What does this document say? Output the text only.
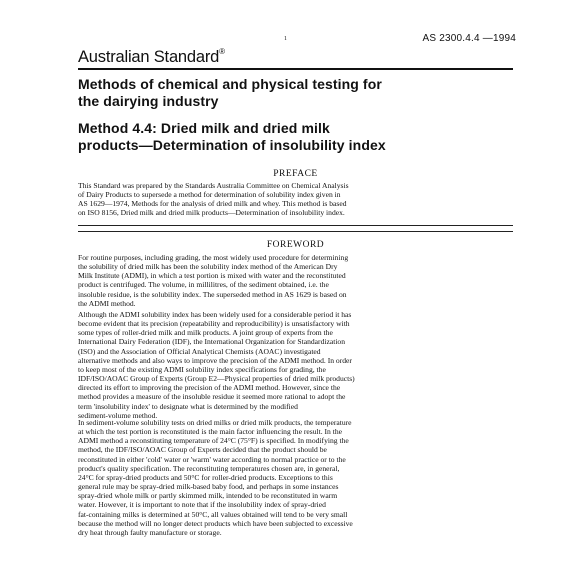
1	AS 2300.4.4 —1994
Australian Standard®
Methods of chemical and physical testing for
the dairying industry
Method 4.4: Dried milk and dried milk
products—Determination of insolubility index
PREFACE
This Standard was prepared by the Standards Australia Committee on Chemical Analysis
of Dairy Products to supersede a method for determination of solubility index given in
AS 1629—1974, Methods for the analysis of dried milk and whey. This method is based
on ISO 8156, Dried milk and dried milk products—Determination of insolubility index.
FOREWORD
For routine purposes, including grading, the most widely used procedure for determining
the solubility of dried milk has been the solubility index method of the American Dry
Milk Institute (ADMI), in which a test portion is mixed with water and the reconstituted
product is centrifuged. The volume, in millilitres, of the sediment obtained, i.e. the
insoluble residue, is the solubility index. The superseded method in AS 1629 is based on
the ADMI method.
Although the ADMI solubility index has been widely used for a considerable period it has
become evident that its precision (repeatability and reproducibility) is unsatisfactory with
some types of roller-dried milk and milk products. A joint group of experts from the
International Dairy Federation (IDF), the International Organization for Standardization
(ISO) and the Association of Official Analytical Chemists (AOAC) investigated
alternative methods and also ways to improve the precision of the ADMI method. In order
to keep most of the existing ADMI solubility index specifications for grading, the
IDF/ISO/AOAC Group of Experts (Group E2—Physical properties of dried milk products)
directed its effort to improving the precision of the ADMI method. However, since the
method provides a measure of the insoluble residue it seemed more rational to adopt the
term 'insolubility index' to designate what is determined by the modified
sediment-volume method.
In sediment-volume solubility tests on dried milks or dried milk products, the temperature
at which the test portion is reconstituted is the main factor influencing the result. In the
ADMI method a reconstituting temperature of 24°C (75°F) is specified. In modifying the
method, the IDF/ISO/AOAC Group of Experts decided that the product should be
reconstituted in either 'cold' water or 'warm' water according to normal practice or to the
product's quality specification. The reconstituting temperatures chosen are, in general,
24°C for spray-dried products and 50°C for roller-dried products. Exceptions to this
general rule may be spray-dried milk-based baby food, and perhaps in some instances
spray-dried whole milk or partly skimmed milk, intended to be reconstituted in warm
water. However, it is important to note that if the insolubility index of spray-dried
fat-containing milks is determined at 50°C, all values obtained will tend to be very small
because the method will no longer detect products which have been subjected to excessive
dry heat through faulty manufacture or storage.
